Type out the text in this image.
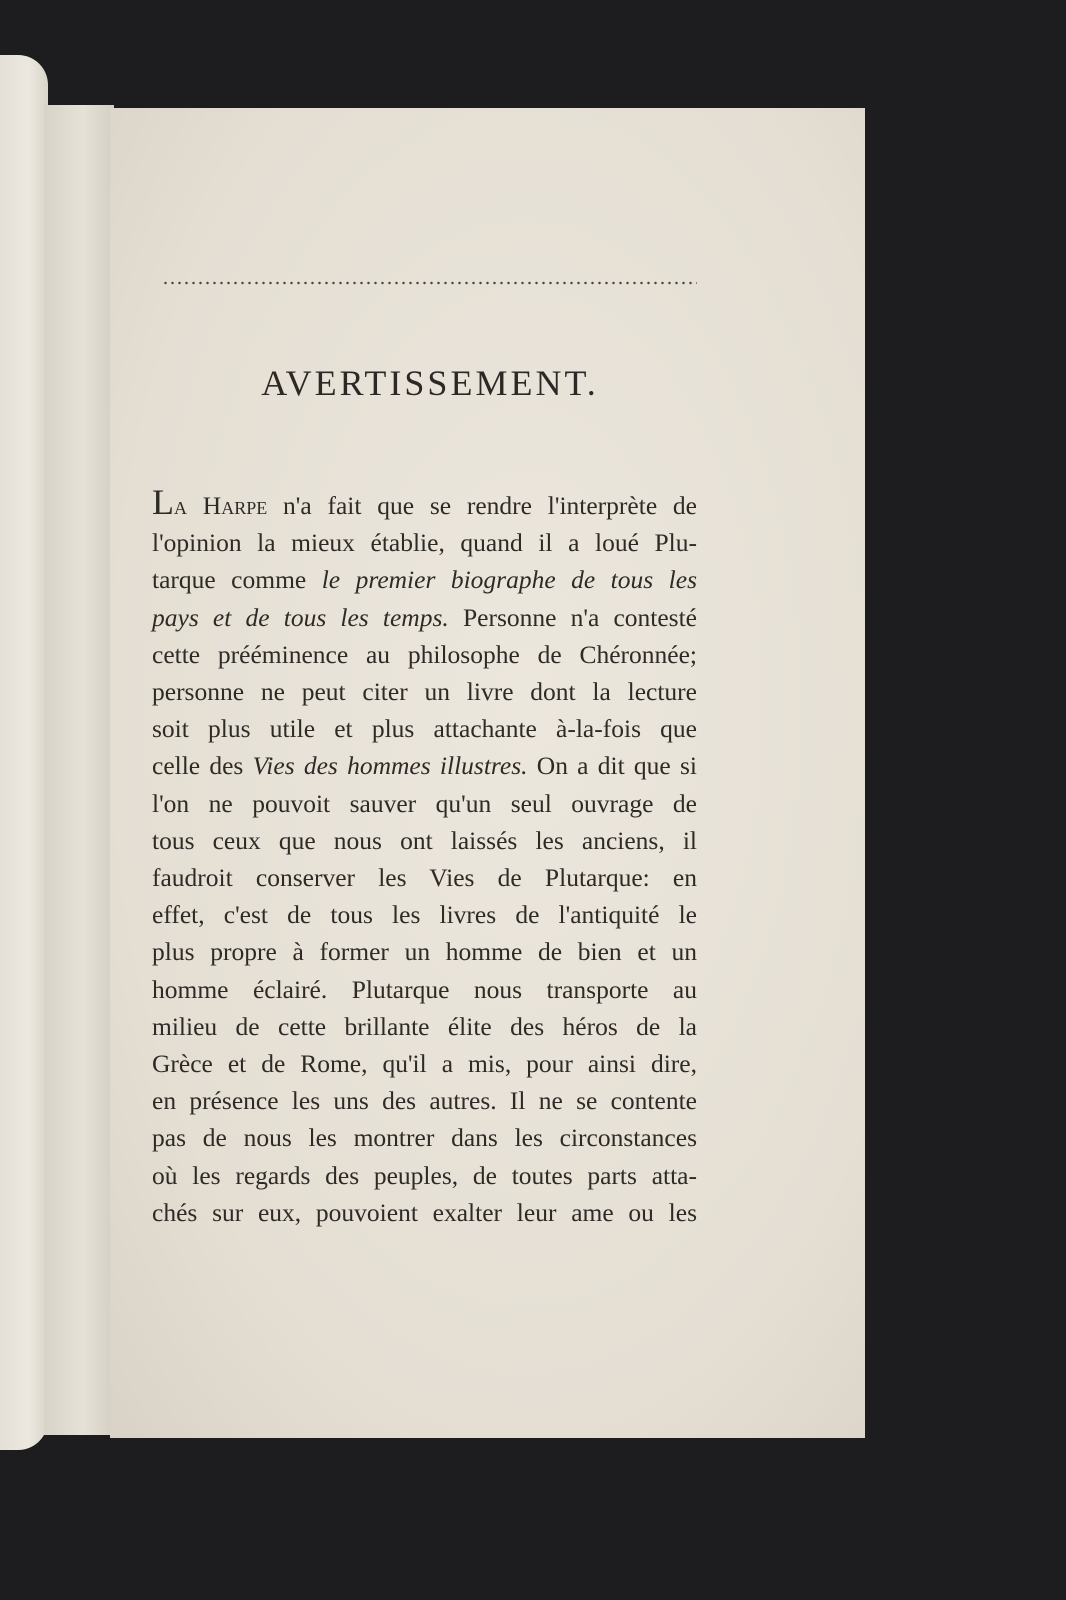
AVERTISSEMENT.
La Harpe n'a fait que se rendre l'interprète de
l'opinion la mieux établie, quand il a loué Plu-
tarque comme le premier biographe de tous les
pays et de tous les temps. Personne n'a contesté
cette prééminence au philosophe de Chéronnée;
personne ne peut citer un livre dont la lecture
soit plus utile et plus attachante à-la-fois que
celle des Vies des hommes illustres. On a dit que si
l'on ne pouvoit sauver qu'un seul ouvrage de
tous ceux que nous ont laissés les anciens, il
faudroit conserver les Vies de Plutarque: en
effet, c'est de tous les livres de l'antiquité le
plus propre à former un homme de bien et un
homme éclairé. Plutarque nous transporte au
milieu de cette brillante élite des héros de la
Grèce et de Rome, qu'il a mis, pour ainsi dire,
en présence les uns des autres. Il ne se contente
pas de nous les montrer dans les circonstances
où les regards des peuples, de toutes parts atta-
chés sur eux, pouvoient exalter leur ame ou les
